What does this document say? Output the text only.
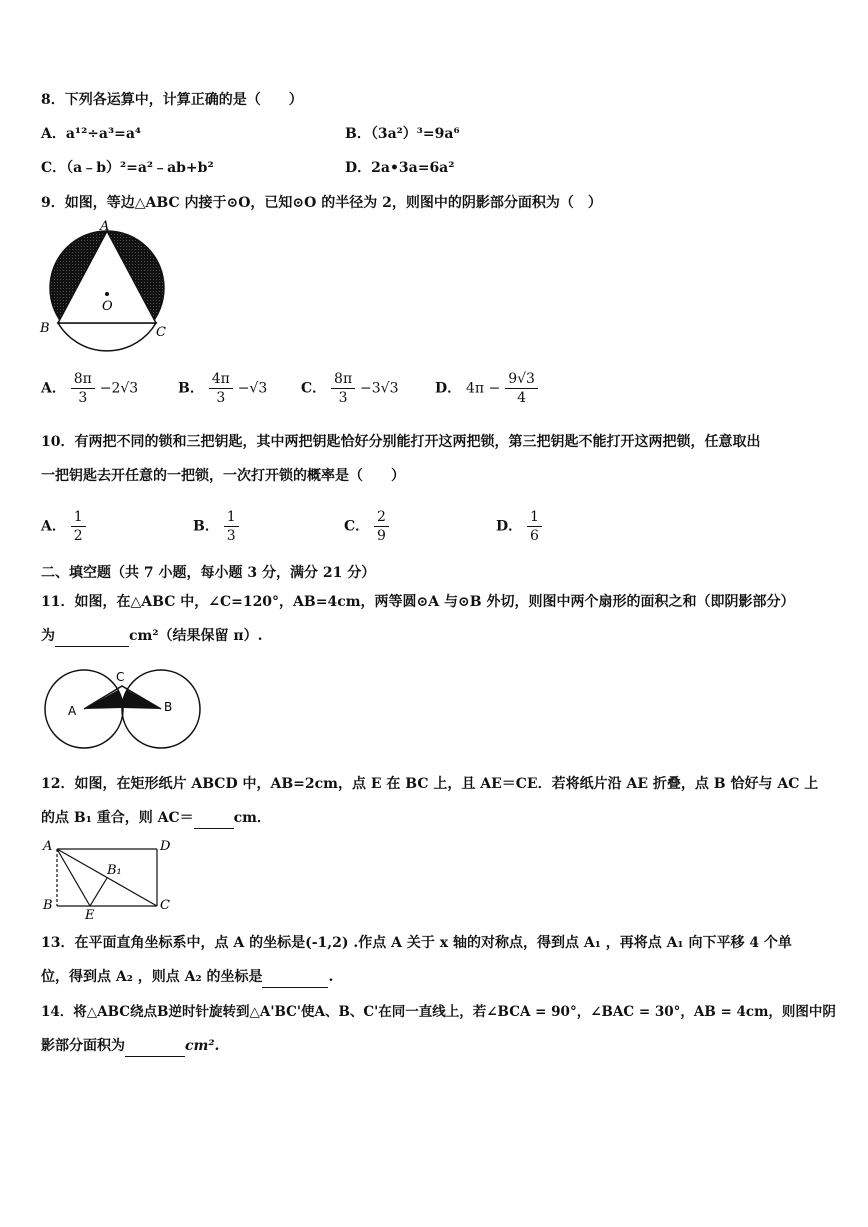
8．下列各运算中，计算正确的是（　　）
A．a¹²÷a³=a⁴	B．（3a²）³=9a⁶
C．（a﹣b）²=a²﹣ab+b²	D．2a•3a=6a²
9．如图，等边△ABC 内接于⊙O，已知⊙O 的半径为 2，则图中的阴影部分面积为（　）
A
O
B	C
A． $\frac{8\pi}{3} -2√3$	B． $\frac{4\pi}{3} -√3$ C． $\frac{8\pi}{3} -3√3$	D． $4\pi - \frac{9√3}{4}$
10．有两把不同的锁和三把钥匙，其中两把钥匙恰好分别能打开这两把锁，第三把钥匙不能打开这两把锁，任意取出
一把钥匙去开任意的一把锁，一次打开锁的概率是（　　）
A． $\frac{1}{2}$	B． $\frac{1}{3}$	C． $\frac{2}{9}$	D． $\frac{1}{6}$
二、填空题（共 7 小题，每小题 3 分，满分 21 分）
11．如图，在△ABC 中，∠C=120°，AB=4cm，两等圆⊙A 与⊙B 外切，则图中两个扇形的面积之和（即阴影部分）
为	cm²（结果保留 π）.
C
A	B
12．如图，在矩形纸片 ABCD 中，AB=2cm，点 E 在 BC 上，且 AE＝CE．若将纸片沿 AE 折叠，点 B 恰好与 AC 上
的点 B₁ 重合，则 AC＝	cm．
A	D
B₁
B
E
C
13．在平面直角坐标系中，点 A 的坐标是(-1,2) .作点 A 关于 x 轴的对称点，得到点 A₁ ，再将点 A₁ 向下平移 4 个单
位，得到点 A₂ ，则点 A₂ 的坐标是	.
14．将△ABC绕点B逆时针旋转到△A'BC'使A、B、C'在同一直线上，若∠BCA = 90°，∠BAC = 30°，AB = 4cm，则图中阴
影部分面积为	cm².
